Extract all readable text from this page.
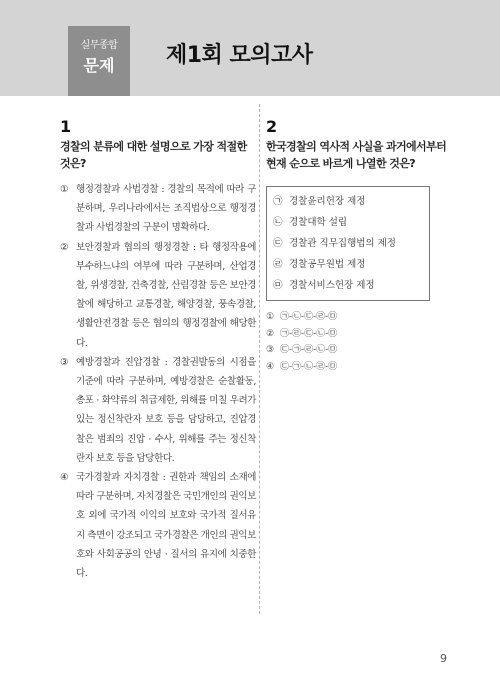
실무종합
문제	제1회 모의고사
1
경찰의 분류에 대한 설명으로 가장 적절한 것은?
① 행정경찰과 사법경찰 : 경찰의 목적에 따라 구분하며, 우리나라에서는 조직법상으로 행정경찰과 사법경찰의 구분이 명확하다.
② 보안경찰과 협의의 행정경찰 : 타 행정작용에 부수하느냐의 여부에 따라 구분하며, 산업경찰, 위생경찰, 건축경찰, 산림경찰 등은 보안경찰에 해당하고 교통경찰, 해양경찰, 풍속경찰, 생활안전경찰 등은 협의의 행정경찰에 해당한다.
③ 예방경찰과 진압경찰 : 경찰권발동의 시점을 기준에 따라 구분하며, 예방경찰은 순찰활동, 총포 · 화약류의 취급제한, 위해를 미칠 우려가 있는 정신착란자 보호 등을 담당하고, 진압경찰은 범죄의 진압 · 수사, 위해를 주는 정신착란자 보호 등을 담당한다.
④ 국가경찰과 자치경찰 : 권한과 책임의 소재에 따라 구분하며, 자치경찰은 국민개인의 권익보호 외에 국가적 이익의 보호와 국가적 질서유지 측면이 강조되고 국가경찰은 개인의 권익보호와 사회공공의 안녕 · 질서의 유지에 치중한다.
2
한국경찰의 역사적 사실을 과거에서부터 현재 순으로 바르게 나열한 것은?
㉠ 경찰윤리헌장 제정
㉡ 경찰대학 설립
㉢ 경찰관 직무집행법의 제정
㉣ 경찰공무원법 제정
㉤ 경찰서비스헌장 제정
① ㉠-㉡-㉢-㉣-㉤
② ㉠-㉣-㉢-㉡-㉤
③ ㉢-㉠-㉣-㉡-㉤
④ ㉢-㉠-㉡-㉣-㉤
9
